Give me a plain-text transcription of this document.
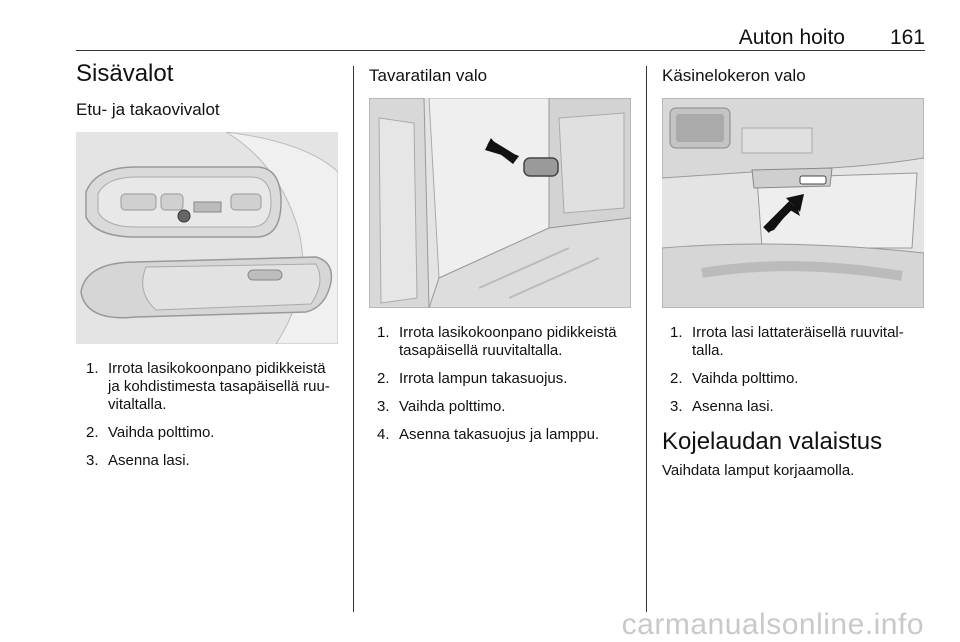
Auton hoito 161
Sisävalot
Etu- ja takaovivalot
1. Irrota lasikokoonpano pidikkeistä ja kohdistimesta tasapäisellä ruuvitaltalla.
2. Vaihda polttimo.
3. Asenna lasi.
Tavaratilan valo
1. Irrota lasikokoonpano pidikkeistä tasapäisellä ruuvitaltalla.
2. Irrota lampun takasuojus.
3. Vaihda polttimo.
4. Asenna takasuojus ja lamppu.
Käsinelokeron valo
1. Irrota lasi lattateräisellä ruuvitaltalla.
2. Vaihda polttimo.
3. Asenna lasi.
Kojelaudan valaistus

Vaihdata lamput korjaamolla.

carmanualsonline.info
